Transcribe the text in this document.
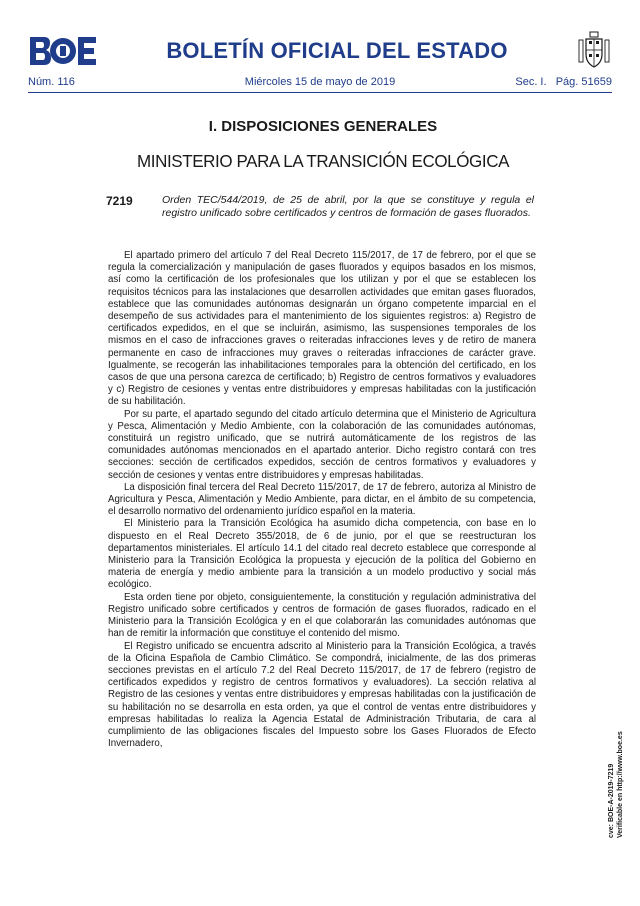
BOLETÍN OFICIAL DEL ESTADO
Núm. 116	Miércoles 15 de mayo de 2019	Sec. I. Pág. 51659
I. DISPOSICIONES GENERALES
MINISTERIO PARA LA TRANSICIÓN ECOLÓGICA
7219	Orden TEC/544/2019, de 25 de abril, por la que se constituye y regula el registro unificado sobre certificados y centros de formación de gases fluorados.

El apartado primero del artículo 7 del Real Decreto 115/2017, de 17 de febrero, por el que se regula la comercialización y manipulación de gases fluorados y equipos basados en los mismos, así como la certificación de los profesionales que los utilizan y por el que se establecen los requisitos técnicos para las instalaciones que desarrollen actividades que emitan gases fluorados, establece que las comunidades autónomas designarán un órgano competente imparcial en el desempeño de sus actividades para el mantenimiento de los siguientes registros: a) Registro de certificados expedidos, en el que se incluirán, asimismo, las suspensiones temporales de los mismos en el caso de infracciones graves o reiteradas infracciones leves y de retiro de manera permanente en caso de infracciones muy graves o reiteradas infracciones de carácter grave. Igualmente, se recogerán las inhabilitaciones temporales para la obtención del certificado, en los casos de que una persona carezca de certificado; b) Registro de centros formativos y evaluadores y c) Registro de cesiones y ventas entre distribuidores y empresas habilitadas con la justificación de su habilitación.

Por su parte, el apartado segundo del citado artículo determina que el Ministerio de Agricultura y Pesca, Alimentación y Medio Ambiente, con la colaboración de las comunidades autónomas, constituirá un registro unificado, que se nutrirá automáticamente de los registros de las comunidades autónomas mencionados en el apartado anterior. Dicho registro contará con tres secciones: sección de certificados expedidos, sección de centros formativos y evaluadores y sección de cesiones y ventas entre distribuidores y empresas habilitadas.

La disposición final tercera del Real Decreto 115/2017, de 17 de febrero, autoriza al Ministro de Agricultura y Pesca, Alimentación y Medio Ambiente, para dictar, en el ámbito de su competencia, el desarrollo normativo del ordenamiento jurídico español en la materia.

El Ministerio para la Transición Ecológica ha asumido dicha competencia, con base en lo dispuesto en el Real Decreto 355/2018, de 6 de junio, por el que se reestructuran los departamentos ministeriales. El artículo 14.1 del citado real decreto establece que corresponde al Ministerio para la Transición Ecológica la propuesta y ejecución de la política del Gobierno en materia de energía y medio ambiente para la transición a un modelo productivo y social más ecológico.

Esta orden tiene por objeto, consiguientemente, la constitución y regulación administrativa del Registro unificado sobre certificados y centros de formación de gases fluorados, radicado en el Ministerio para la Transición Ecológica y en el que colaborarán las comunidades autónomas que han de remitir la información que constituye el contenido del mismo.

El Registro unificado se encuentra adscrito al Ministerio para la Transición Ecológica, a través de la Oficina Española de Cambio Climático. Se compondrá, inicialmente, de las dos primeras secciones previstas en el artículo 7.2 del Real Decreto 115/2017, de 17 de febrero (registro de certificados expedidos y registro de centros formativos y evaluadores). La sección relativa al Registro de las cesiones y ventas entre distribuidores y empresas habilitadas con la justificación de su habilitación no se desarrolla en esta orden, ya que el control de ventas entre distribuidores y empresas habilitadas lo realiza la Agencia Estatal de Administración Tributaria, de cara al cumplimiento de las obligaciones fiscales del Impuesto sobre los Gases Fluorados de Efecto Invernadero,

cve: BOE-A-2019-7219 Verificable en http://www.boe.es
